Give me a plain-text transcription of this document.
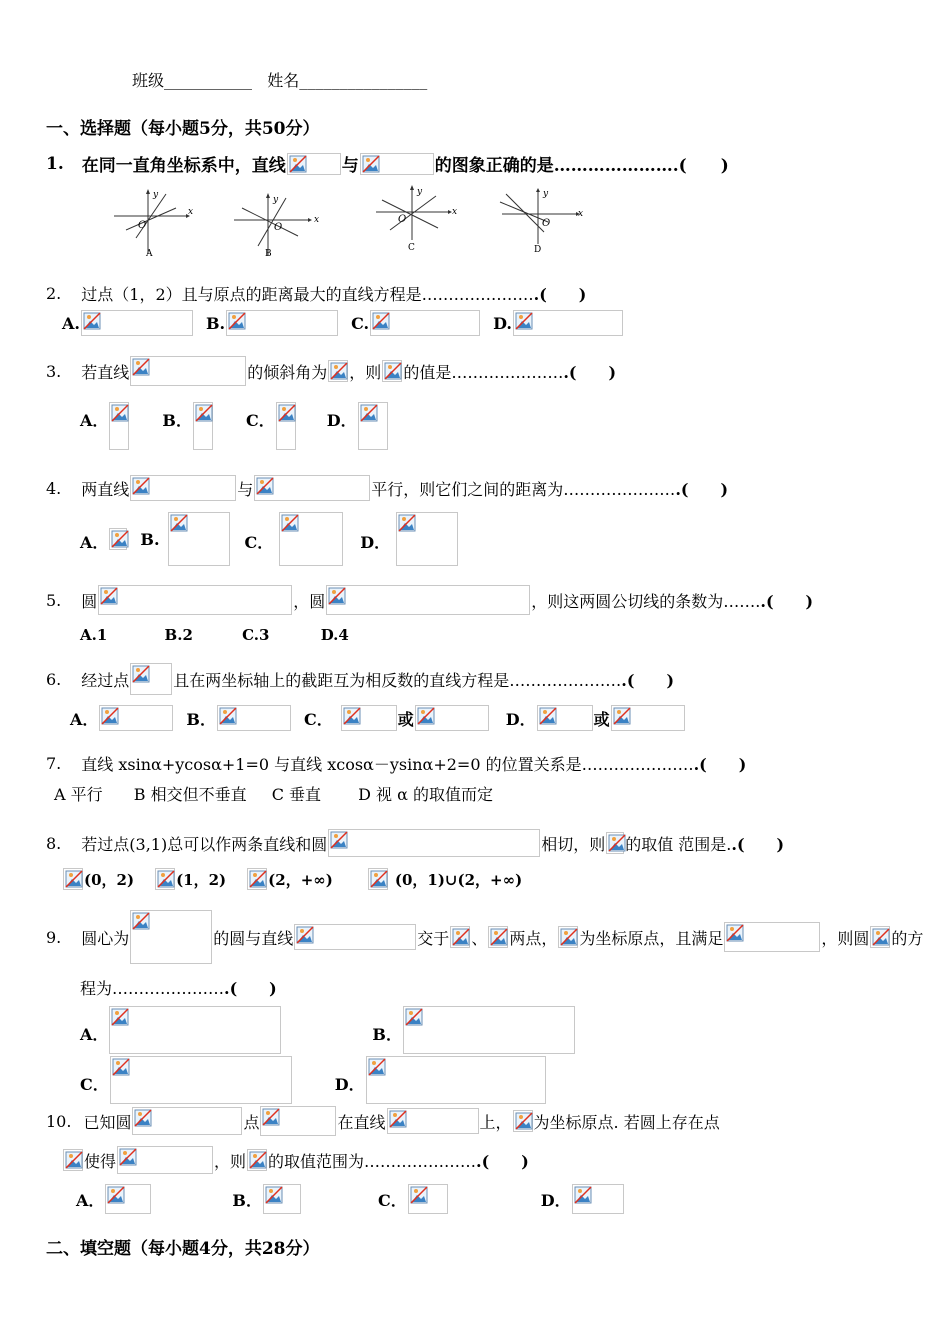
班级___________ 姓名________________
一、选择题（每小题5分，共50分）
1. 在同一直角坐标系中，直线	与	的图象正确的是………………… .(　　)
y
x
O
A
y
x
O
B
y
x
O
C
y
x
O
D
2. 过点（1，2）且与原点的距离最大的直线方程是………………… .(　　)
A.	B.	C.	D.
3. 若直线	的倾斜角为 ，则 的值是………………… .(　　)
A．	B．	C．	D．
4. 两直线	与	平行，则它们之间的距离为………………… .(　　)
A． B.	C．	D．
5. 圆	，圆	，则这两圆公切线的条数为……. .(　　)
A.1	B.2	C.3	D.4
6. 经过点	且在两坐标轴上的截距互为相反数的直线方程是………………… .(　　)
A．	B．	C．	或	D．	或
7. 直线 xsinα+ycosα+1=0 与直线 xcosα－ysinα+2=0 的位置关系是………………… .(　　)
A 平行 B 相交但不垂直 C 垂直 D 视 α 的取值而定
8. 若过点(3,1)总可以作两条直线和圆	相切，则 的取值 范围是. .(　　)
(0，2)	(1，2)	(2，+∞)	(0，1)∪(2，+∞)
9. 圆心为	的圆与直线	交于 、 两点， 为坐标原点，且满足	，则圆 的方
程为………………… .(　　)
A．	B．
C．	D．
10. 已知圆	点	在直线	上， 为坐标原点. 若圆上存在点
使得	，则 的取值范围为………………… .(　　)
A．	B．	C．	D．
二、填空题（每小题4分，共28分）
